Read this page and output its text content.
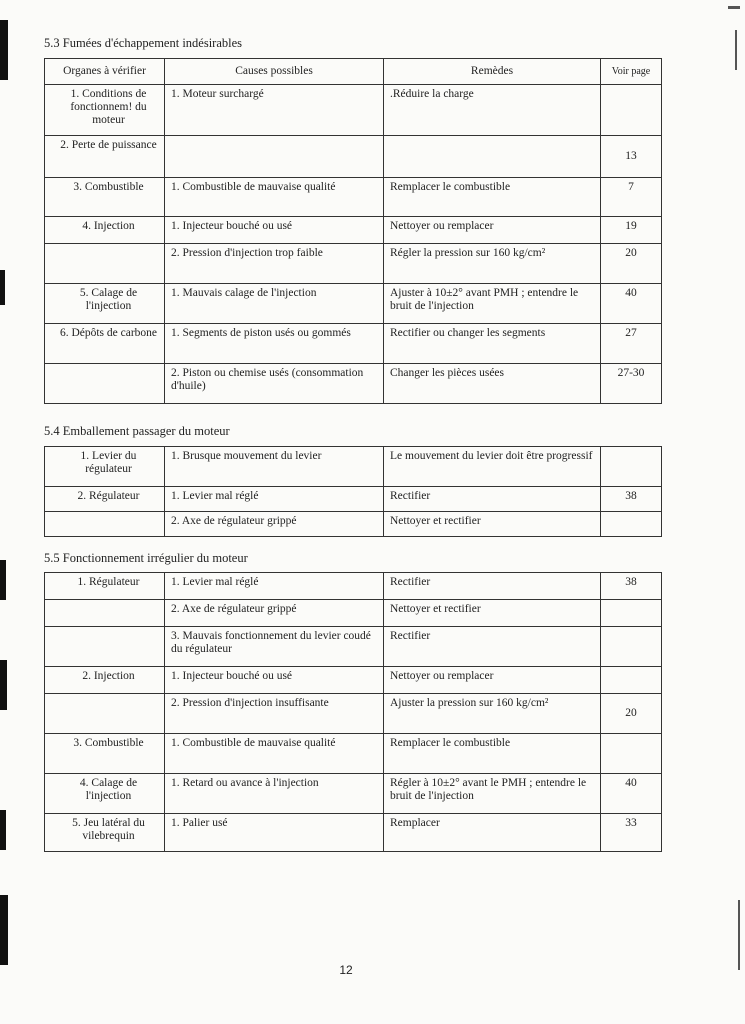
5.3 Fumées d'échappement indésirables
Organes à vérifier	Causes possibles	Remèdes	Voir page
1. Conditions de fonctionnem! du moteur	1. Moteur surchargé	.Réduire la charge	
2. Perte de puissance			13
3. Combustible	1. Combustible de mauvaise qualité	Remplacer le combustible	7
4. Injection	1. Injecteur bouché ou usé	Nettoyer ou remplacer	19
	2. Pression d'injection trop faible	Régler la pression sur 160 kg/cm²	20
5. Calage de l'injection	1. Mauvais calage de l'injection	Ajuster à 10±2° avant PMH ; entendre le bruit de l'injection	40
6. Dépôts de carbone	1. Segments de piston usés ou gommés	Rectifier ou changer les segments	27
	2. Piston ou chemise usés (consommation d'huile)	Changer les pièces usées	27-30
5.4 Emballement passager du moteur
1. Levier du régulateur	1. Brusque mouvement du levier	Le mouvement du levier doit être progressif	
2. Régulateur	1. Levier mal réglé	Rectifier	38
	2. Axe de régulateur grippé	Nettoyer et rectifier	
5.5 Fonctionnement irrégulier du moteur
1. Régulateur	1. Levier mal réglé	Rectifier	38
	2. Axe de régulateur grippé	Nettoyer et rectifier	
	3. Mauvais fonctionnement du levier coudé du régulateur	Rectifier	
2. Injection	1. Injecteur bouché ou usé	Nettoyer ou remplacer	
	2. Pression d'injection insuffisante	Ajuster la pression sur 160 kg/cm²	20
3. Combustible	1. Combustible de mauvaise qualité	Remplacer le combustible	
4. Calage de l'injection	1. Retard ou avance à l'injection	Régler à 10±2° avant le PMH ; entendre le bruit de l'injection	40
5. Jeu latéral du vilebrequin	1. Palier usé	Remplacer	33
12
